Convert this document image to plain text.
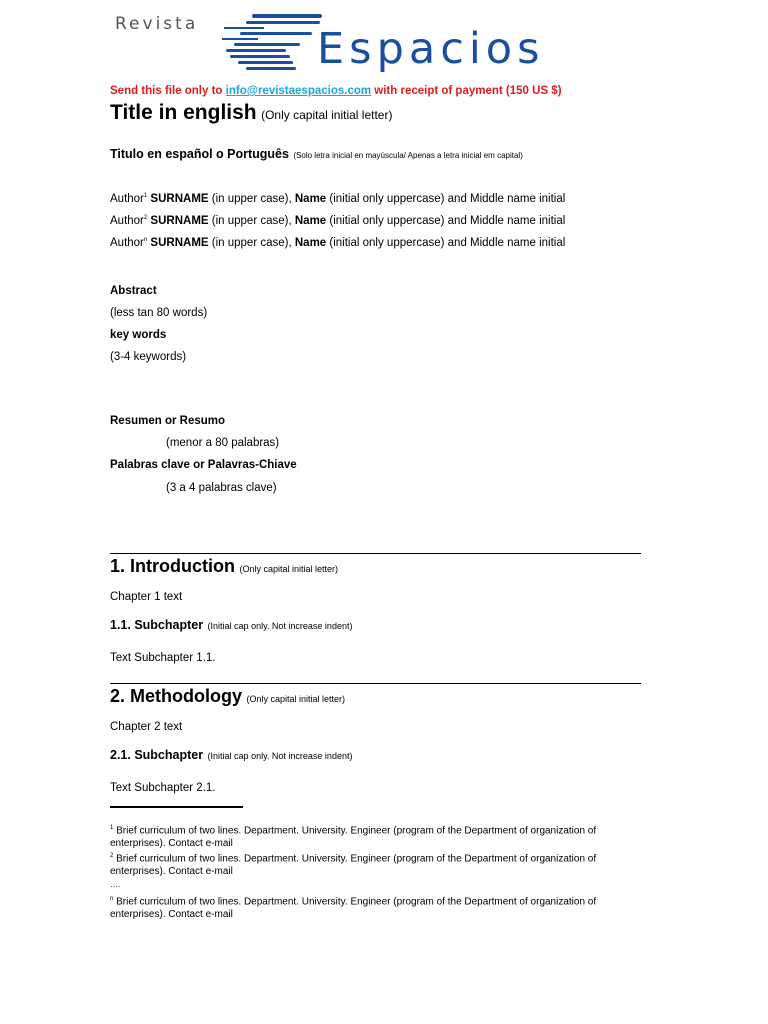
Revista	Espacios
Send this file only to info@revistaespacios.com with receipt of payment (150 US $)
Title in english (Only capital initial letter)
Titulo en español o Português (Solo letra inicial en mayúscula/ Apenas a letra inicial em capital)
Author$^1$ SURNAME (in upper case), Name (initial only uppercase) and Middle name initial
Author$^2$ SURNAME (in upper case), Name (initial only uppercase) and Middle name initial
Author$^n$ SURNAME (in upper case), Name (initial only uppercase) and Middle name initial
Abstract
(less tan 80 words)
key words
(3-4 keywords)
Resumen or Resumo
(menor a 80 palabras)
Palabras clave or Palavras-Chiave
(3 a 4 palabras clave)
1. Introduction (Only capital initial letter)
Chapter 1 text
1.1. Subchapter (Initial cap only. Not increase indent)
Text Subchapter 1.1.
2. Methodology (Only capital initial letter)
Chapter 2 text
2.1. Subchapter (Initial cap only. Not increase indent)
Text Subchapter 2.1.
$^1$ Brief curriculum of two lines. Department. University. Engineer (program of the Department of organization of enterprises). Contact e-mail
$^2$ Brief curriculum of two lines. Department. University. Engineer (program of the Department of organization of enterprises). Contact e-mail
….
$^n$ Brief curriculum of two lines. Department. University. Engineer (program of the Department of organization of enterprises). Contact e-mail
